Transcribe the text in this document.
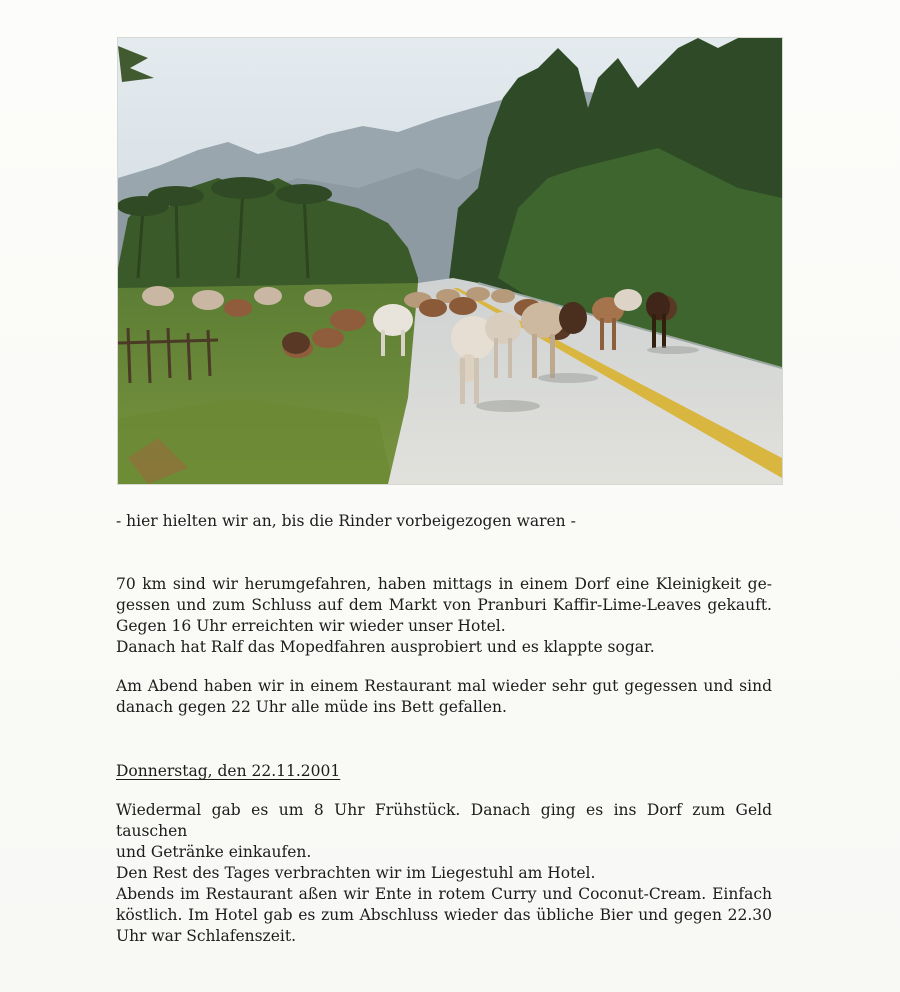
- hier hielten wir an, bis die Rinder vorbeigezogen waren -
70 km sind wir herumgefahren, haben mittags in einem Dorf eine Kleinigkeit ge-
gessen und zum Schluss auf dem Markt von Pranburi Kaffir-Lime-Leaves gekauft.
Gegen 16 Uhr erreichten wir wieder unser Hotel.
Danach hat Ralf das Mopedfahren ausprobiert und es klappte sogar.
Am Abend haben wir in einem Restaurant mal wieder sehr gut gegessen und sind
danach gegen 22 Uhr alle müde ins Bett gefallen.
Donnerstag, den 22.11.2001
Wiedermal gab es um 8 Uhr Frühstück. Danach ging es ins Dorf zum Geld tauschen
und Getränke einkaufen.
Den Rest des Tages verbrachten wir im Liegestuhl am Hotel.
Abends im Restaurant aßen wir Ente in rotem Curry und Coconut-Cream. Einfach
köstlich. Im Hotel gab es zum Abschluss wieder das übliche Bier und gegen 22.30
Uhr war Schlafenszeit.
